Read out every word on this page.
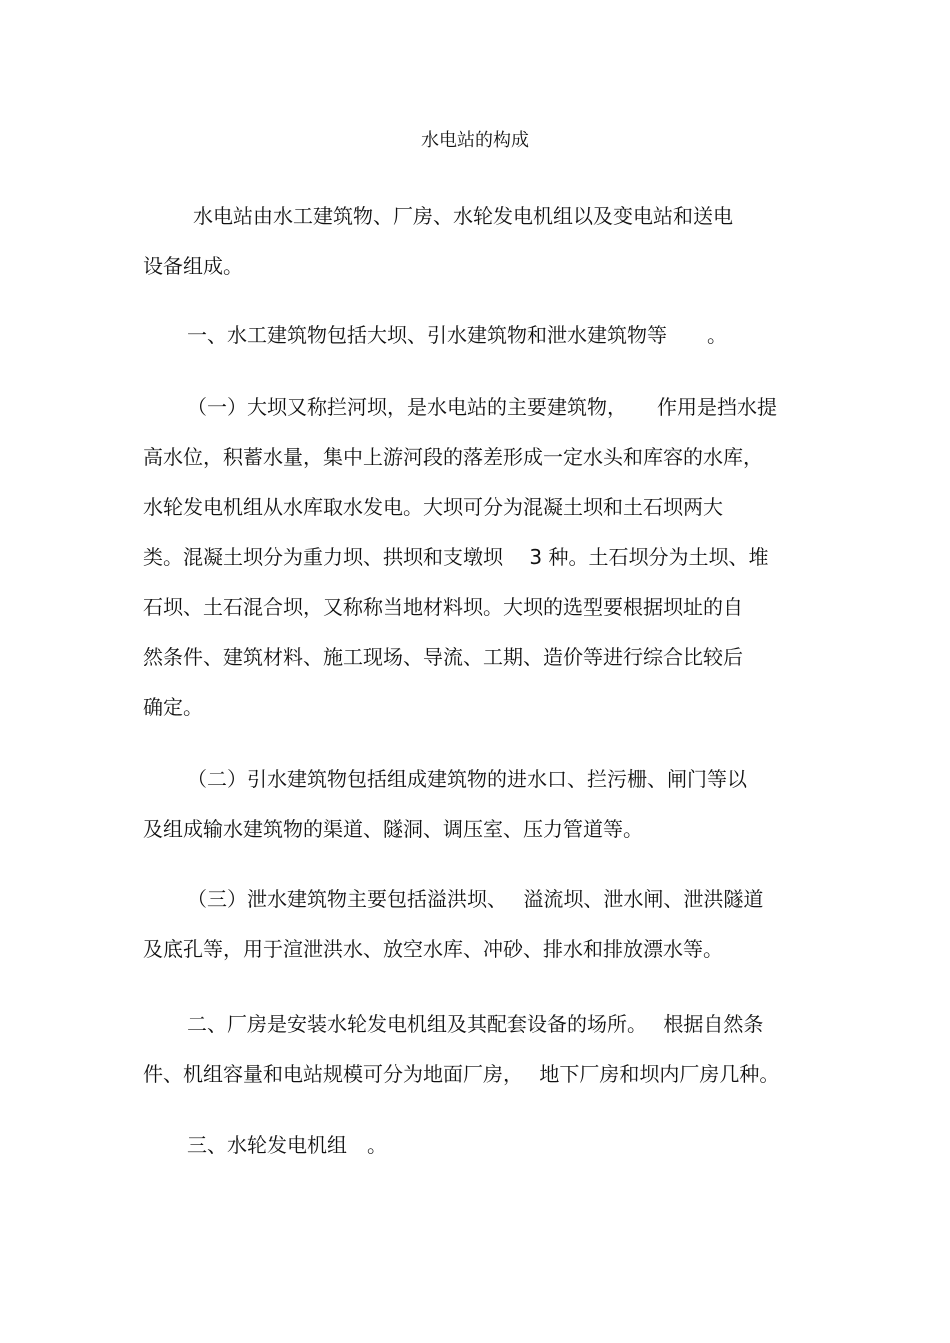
水电站的构成
水电站由水工建筑物、厂房、水轮发电机组以及变电站和送电
设备组成。
一、水工建筑物包括大坝、引水建筑物和泄水建筑物等　　。
（一）大坝又称拦河坝，是水电站的主要建筑物，　　作用是挡水提
高水位，积蓄水量，集中上游河段的落差形成一定水头和库容的水库，
水轮发电机组从水库取水发电。大坝可分为混凝土坝和土石坝两大
类。混凝土坝分为重力坝、拱坝和支墩坝　 3 种。土石坝分为土坝、堆
石坝、土石混合坝，又称称当地材料坝。大坝的选型要根据坝址的自
然条件、建筑材料、施工现场、导流、工期、造价等进行综合比较后
确定。
（二）引水建筑物包括组成建筑物的进水口、拦污栅、闸门等以
及组成输水建筑物的渠道、隧洞、调压室、压力管道等。
（三）泄水建筑物主要包括溢洪坝、　 溢流坝、泄水闸、泄洪隧道
及底孔等，用于渲泄洪水、放空水库、冲砂、排水和排放漂水等。
二、厂房是安装水轮发电机组及其配套设备的场所。　 根据自然条
件、机组容量和电站规模可分为地面厂房，　 地下厂房和坝内厂房几种。
三、水轮发电机组　。
